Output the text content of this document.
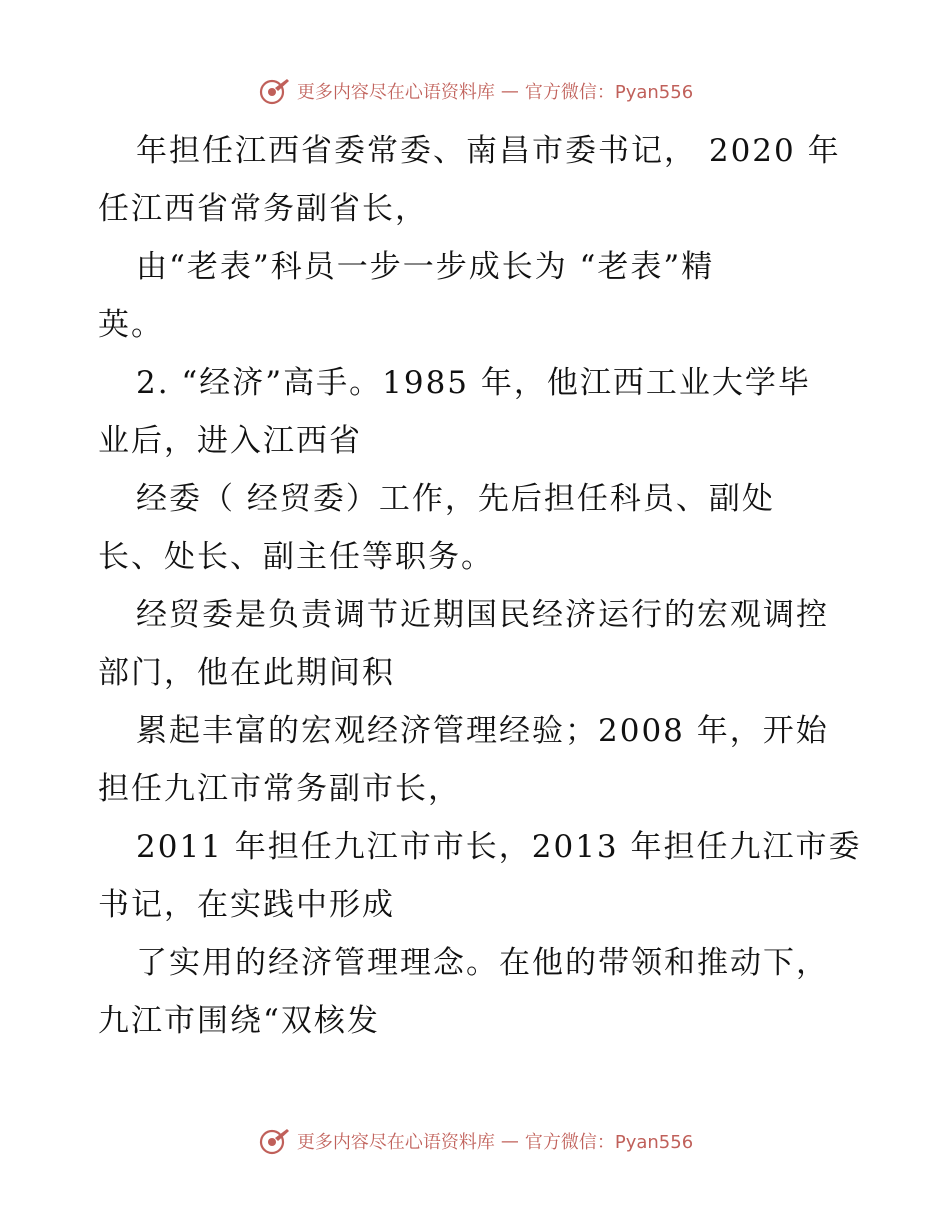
更多内容尽在心语资料库 — 官方微信：Pyan556
年担任江西省委常委、南昌市委书记， 2020 年
任江西省常务副省长，
由“老表”科员一步一步成长为 “老表”精
英。
2. “经济”高手。1985 年，他江西工业大学毕
业后，进入江西省
经委（ 经贸委）工作，先后担任科员、副处
长、处长、副主任等职务。
经贸委是负责调节近期国民经济运行的宏观调控
部门，他在此期间积
累起丰富的宏观经济管理经验；2008 年，开始
担任九江市常务副市长，
2011 年担任九江市市长，2013 年担任九江市委
书记，在实践中形成
了实用的经济管理理念。在他的带领和推动下，
九江市围绕“双核发
更多内容尽在心语资料库 — 官方微信：Pyan556
